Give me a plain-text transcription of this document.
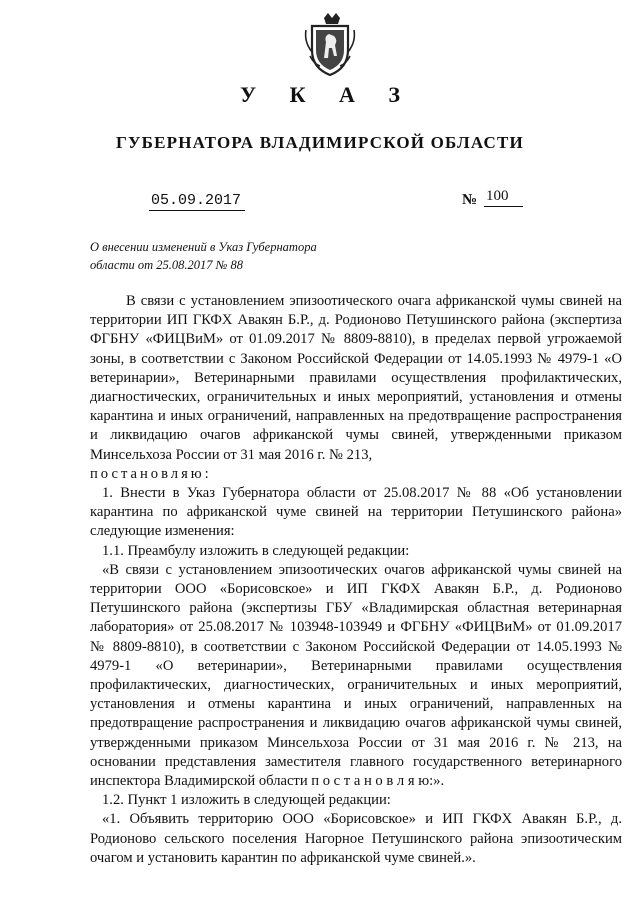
У К А З
ГУБЕРНАТОРА ВЛАДИМИРСКОЙ ОБЛАСТИ
05.09.2017	№ 100
О внесении изменений в Указ Губернатора
области от 25.08.2017 № 88

В связи с установлением эпизоотического очага африканской чумы свиней на территории ИП ГКФХ Авакян Б.Р., д. Родионово Петушинского района (экспертиза ФГБНУ «ФИЦВиМ» от 01.09.2017 № 8809-8810), в пределах первой угрожаемой зоны, в соответствии с Законом Российской Федерации от 14.05.1993 № 4979-1 «О ветеринарии», Ветеринарными правилами осуществления профилактических, диагностических, ограничительных и иных мероприятий, установления и отмены карантина и иных ограничений, направленных на предотвращение распространения и ликвидацию очагов африканской чумы свиней, утвержденными приказом Минсельхоза России от 31 мая 2016 г. № 213,

постановляю:

1. Внести в Указ Губернатора области от 25.08.2017 № 88 «Об установлении карантина по африканской чуме свиней на территории Петушинского района» следующие изменения:

1.1. Преамбулу изложить в следующей редакции:

«В связи с установлением эпизоотических очагов африканской чумы свиней на территории ООО «Борисовское» и ИП ГКФХ Авакян Б.Р., д. Родионово Петушинского района (экспертизы ГБУ «Владимирская областная ветеринарная лаборатория» от 25.08.2017 № 103948-103949 и ФГБНУ «ФИЦВиМ» от 01.09.2017 № 8809-8810), в соответствии с Законом Российской Федерации от 14.05.1993 № 4979-1 «О ветеринарии», Ветеринарными правилами осуществления профилактических, диагностических, ограничительных и иных мероприятий, установления и отмены карантина и иных ограничений, направленных на предотвращение распространения и ликвидацию очагов африканской чумы свиней, утвержденными приказом Минсельхоза России от 31 мая 2016 г. № 213, на основании представления заместителя главного государственного ветеринарного инспектора Владимирской области п о с т а н о в л я ю:».

1.2. Пункт 1 изложить в следующей редакции:

«1. Объявить территорию ООО «Борисовское» и ИП ГКФХ Авакян Б.Р., д. Родионово сельского поселения Нагорное Петушинского района эпизоотическим очагом и установить карантин по африканской чуме свиней.».
